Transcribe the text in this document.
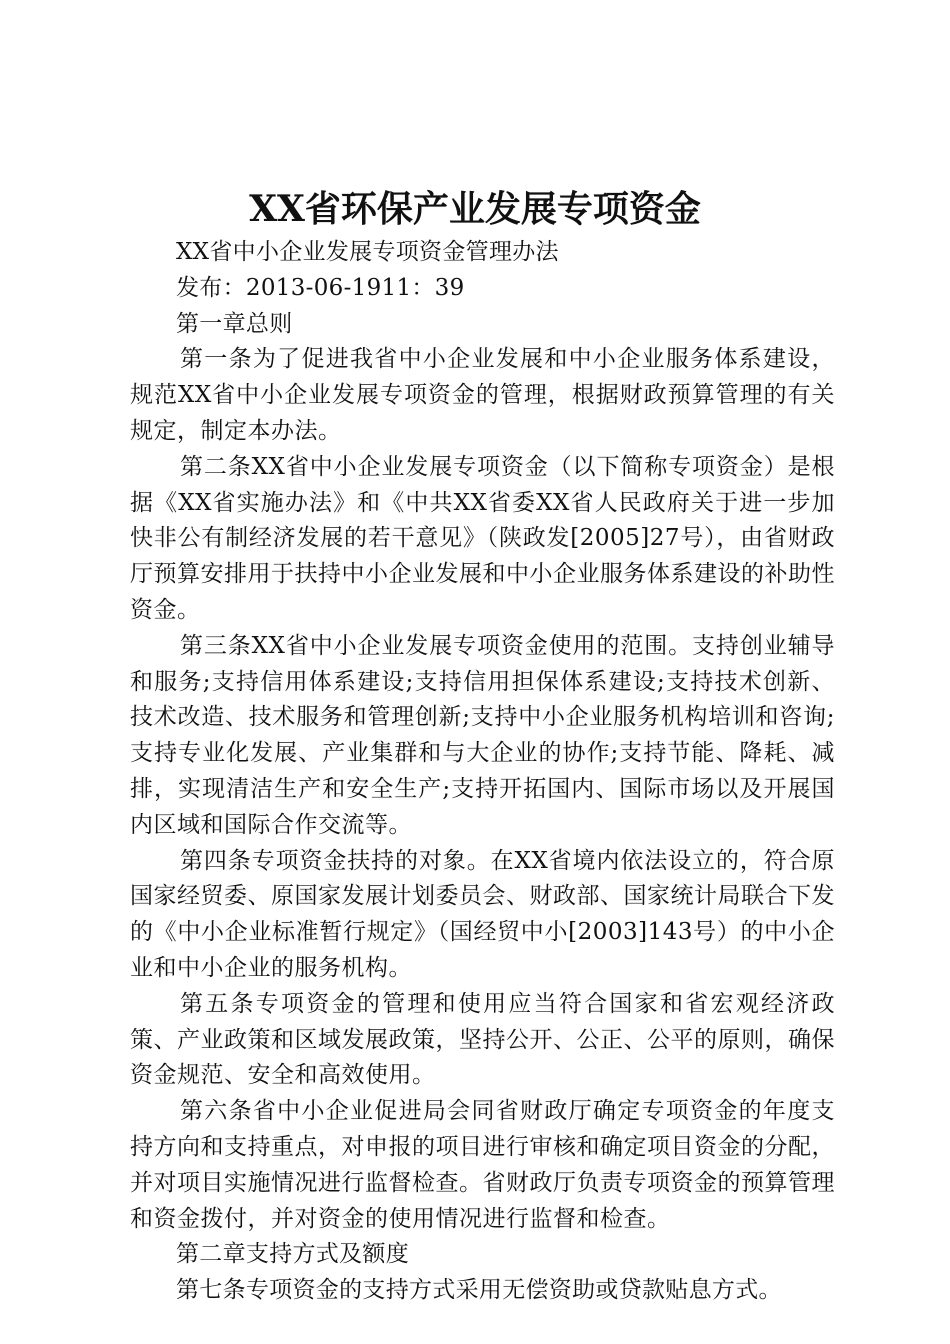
XX省环保产业发展专项资金
XX省中小企业发展专项资金管理办法
发布：2013-06-1911：39
第一章总则
第一条为了促进我省中小企业发展和中小企业服务体系建设，规范XX省中小企业发展专项资金的管理，根据财政预算管理的有关规定，制定本办法。
第二条XX省中小企业发展专项资金（以下简称专项资金）是根据《XX省实施办法》和《中共XX省委XX省人民政府关于进一步加快非公有制经济发展的若干意见》（陕政发[2005]27号），由省财政厅预算安排用于扶持中小企业发展和中小企业服务体系建设的补助性资金。
第三条XX省中小企业发展专项资金使用的范围。支持创业辅导和服务;支持信用体系建设;支持信用担保体系建设;支持技术创新、技术改造、技术服务和管理创新;支持中小企业服务机构培训和咨询;支持专业化发展、产业集群和与大企业的协作;支持节能、降耗、减排，实现清洁生产和安全生产;支持开拓国内、国际市场以及开展国内区域和国际合作交流等。
第四条专项资金扶持的对象。在XX省境内依法设立的，符合原国家经贸委、原国家发展计划委员会、财政部、国家统计局联合下发的《中小企业标准暂行规定》（国经贸中小[2003]143号）的中小企业和中小企业的服务机构。
第五条专项资金的管理和使用应当符合国家和省宏观经济政策、产业政策和区域发展政策，坚持公开、公正、公平的原则，确保资金规范、安全和高效使用。
第六条省中小企业促进局会同省财政厅确定专项资金的年度支持方向和支持重点，对申报的项目进行审核和确定项目资金的分配，并对项目实施情况进行监督检查。省财政厅负责专项资金的预算管理和资金拨付，并对资金的使用情况进行监督和检查。
第二章支持方式及额度
第七条专项资金的支持方式采用无偿资助或贷款贴息方式。
